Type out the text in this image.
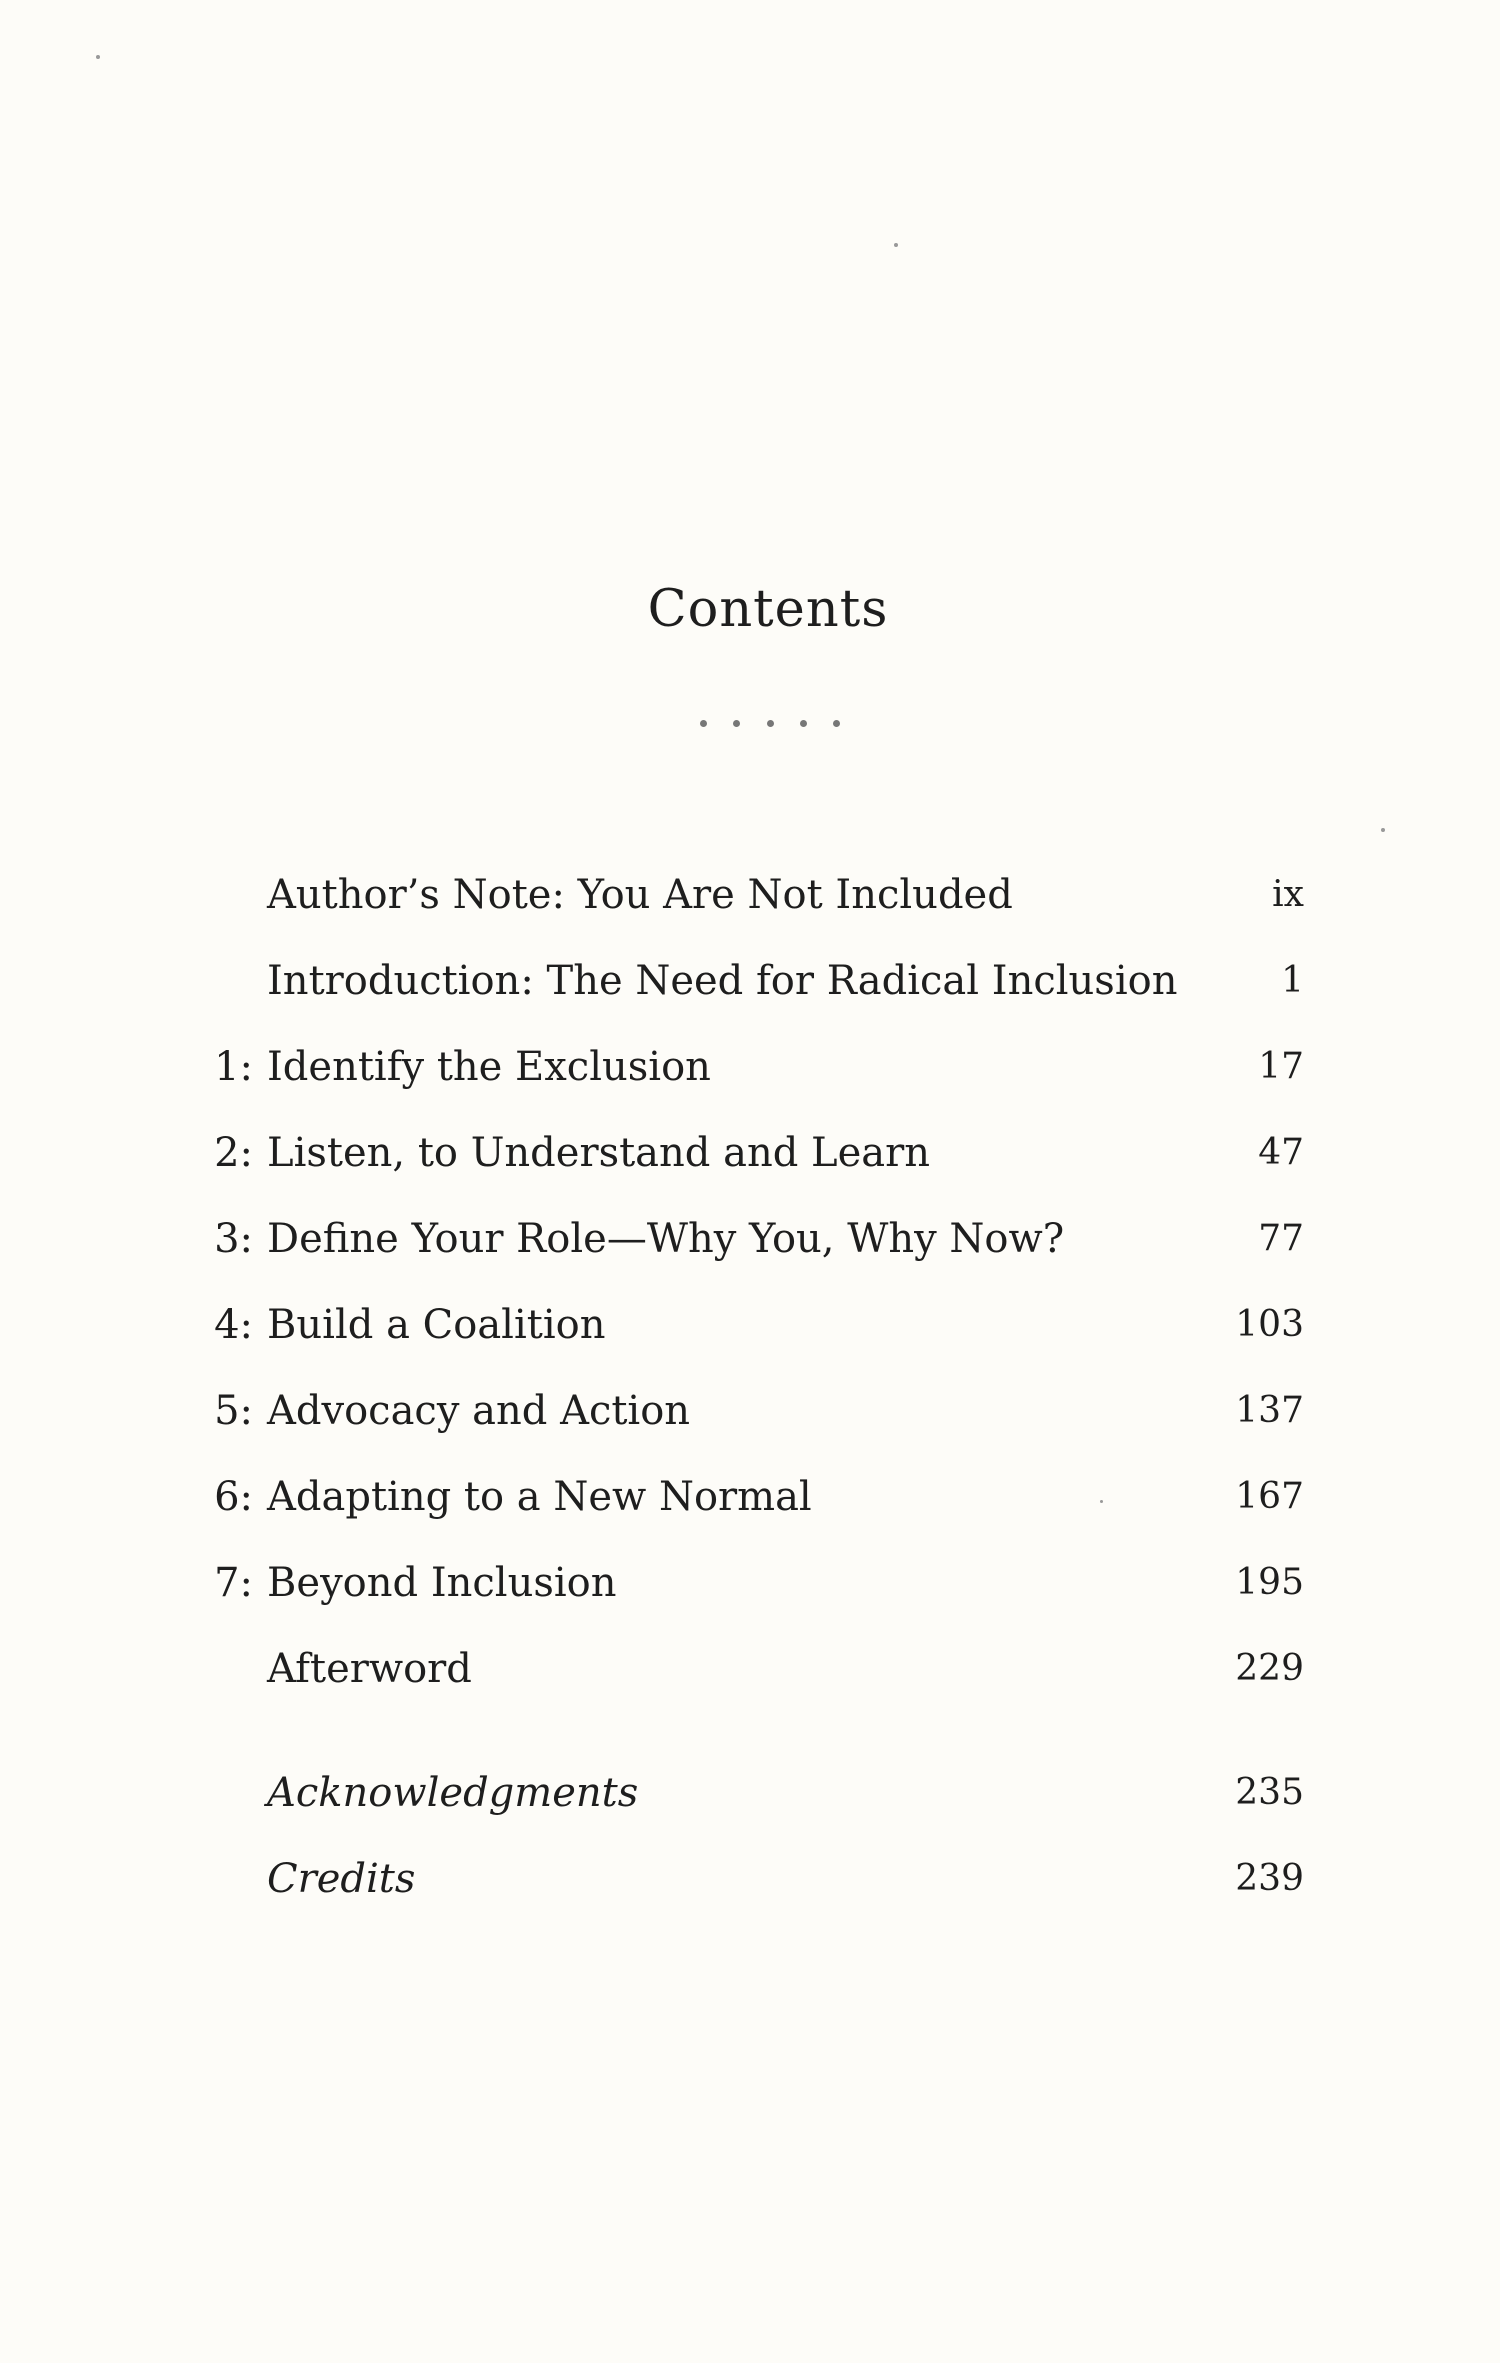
Contents
Author’s Note: You Are Not Included	ix
Introduction: The Need for Radical Inclusion	1
1: Identify the Exclusion	17
2: Listen, to Understand and Learn	47
3: Define Your Role—Why You, Why Now?	77
4: Build a Coalition	103
5: Advocacy and Action	137
6: Adapting to a New Normal	167
7: Beyond Inclusion	195
Afterword	229
Acknowledgments	235
Credits	239
